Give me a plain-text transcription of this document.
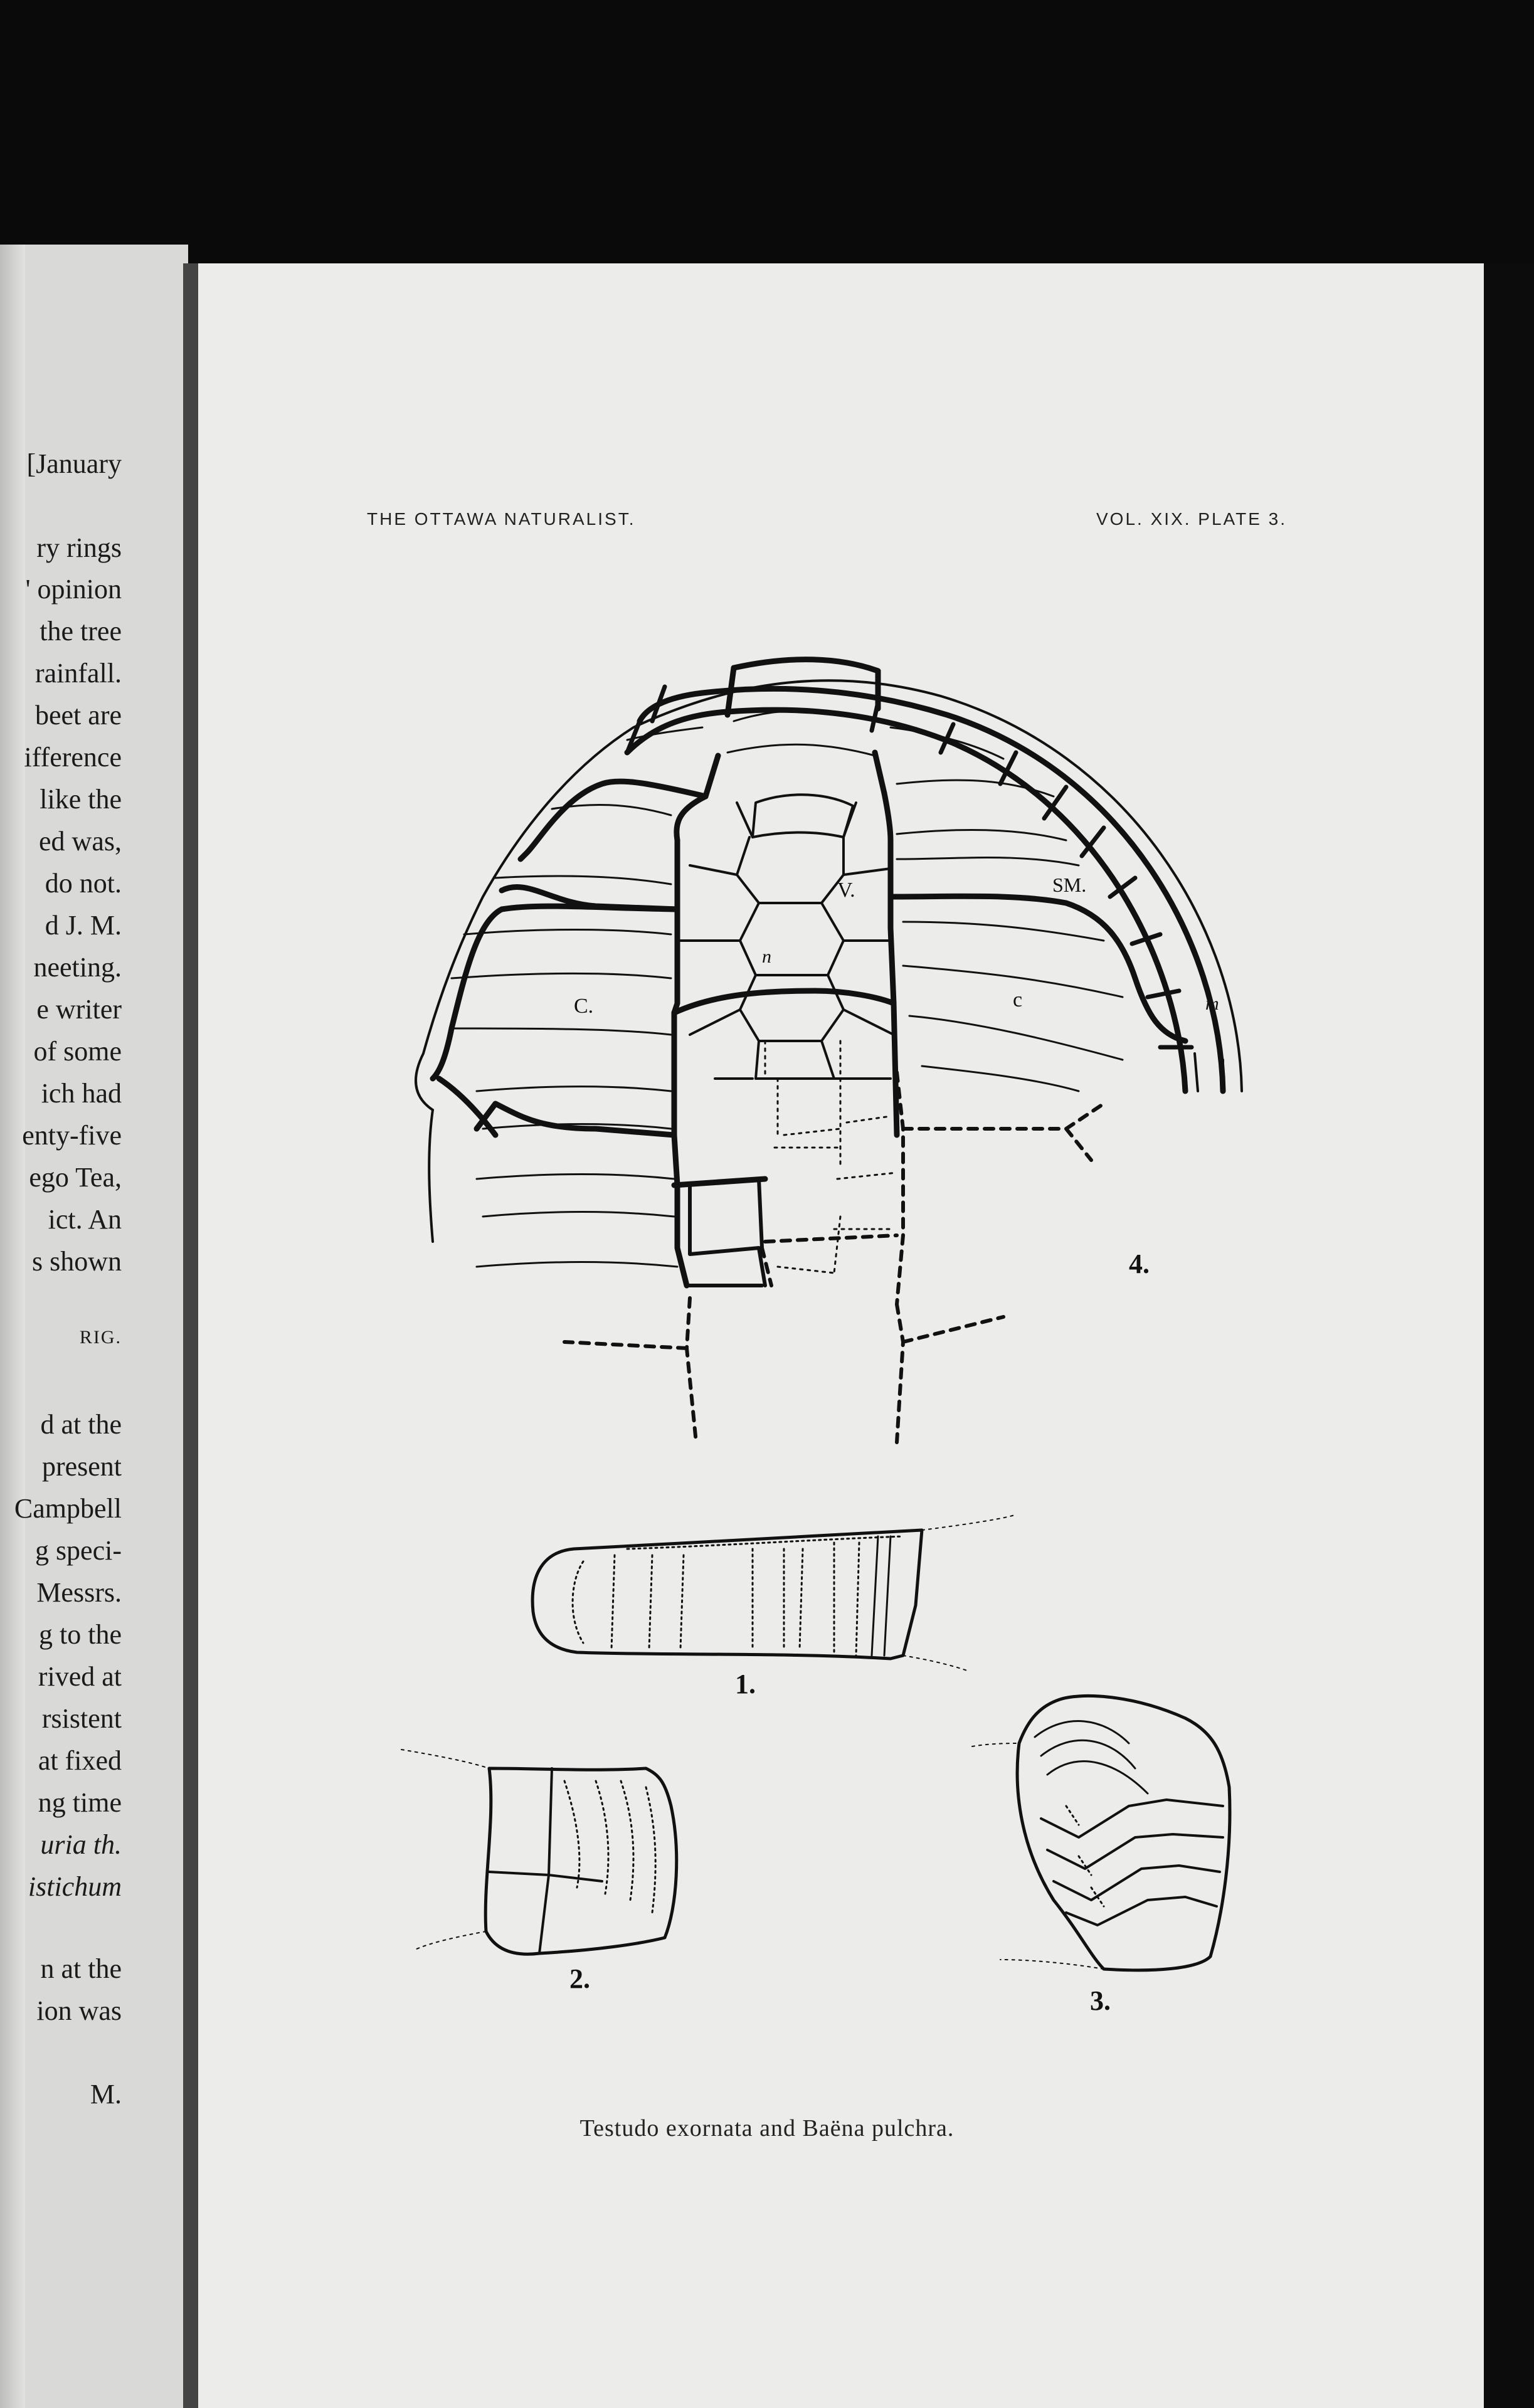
[January
ry rings
' opinion
the tree
rainfall.
beet are
ifference
like the
ed was,
do not.
d J. M.
neeting.
e writer
of some
ich had
enty-five
ego Tea,
ict. An
s shown
RIG.
d at the
present
Campbell
g speci-
Messrs.
g to the
rived at
rsistent
at fixed
ng time
uria th.
istichum
n at the
ion was
M.
THE OTTAWA NATURALIST.	VOL. XIX. PLATE 3.
V.
n
C.	c
SM.
m
4.
1.
2.
3.
Testudo exornata and Baëna pulchra.
